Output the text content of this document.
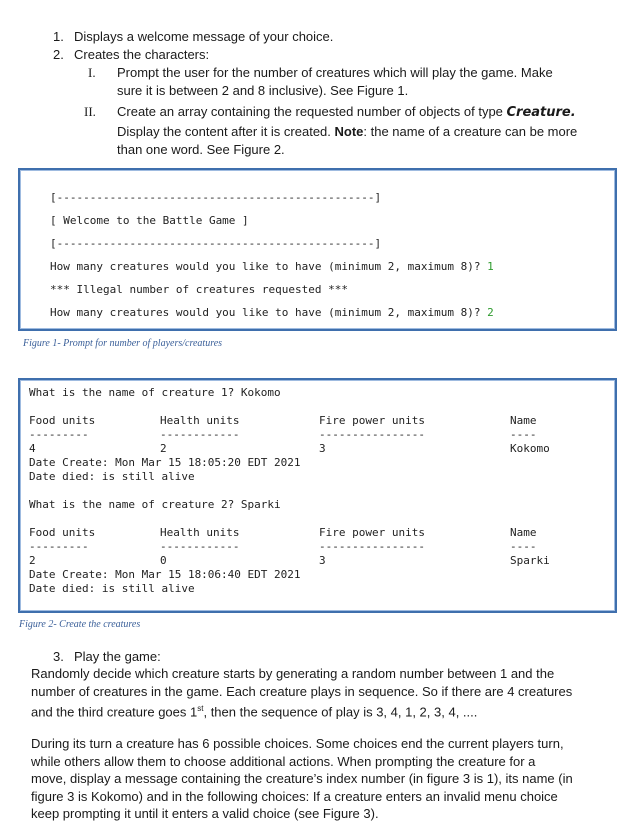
1. Displays a welcome message of your choice.
2. Creates the characters:
I. Prompt the user for the number of creatures which will play the game. Make
sure it is between 2 and 8 inclusive). See Figure 1.
II. Create an array containing the requested number of objects of type Creature.
Display the content after it is created. Note: the name of a creature can be more
than one word. See Figure 2.
[------------------------------------------------]
[ Welcome to the Battle Game ]
[------------------------------------------------]
How many creatures would you like to have (minimum 2, maximum 8)? 1
*** Illegal number of creatures requested ***
How many creatures would you like to have (minimum 2, maximum 8)? 2
Figure 1- Prompt for number of players/creatures
What is the name of creature 1? Kokomo
Food units	Health units	Fire power units	Name
---------	------------	----------------	----
4	2	3	Kokomo
Date Create: Mon Mar 15 18:05:20 EDT 2021
Date died: is still alive
What is the name of creature 2? Sparki
Food units	Health units	Fire power units	Name
---------	------------	----------------	----
2	0	3	Sparki
Date Create: Mon Mar 15 18:06:40 EDT 2021
Date died: is still alive
Figure 2- Create the creatures
3. Play the game:
Randomly decide which creature starts by generating a random number between 1 and the
number of creatures in the game. Each creature plays in sequence. So if there are 4 creatures
and the third creature goes 1st, then the sequence of play is 3, 4, 1, 2, 3, 4, ....
During its turn a creature has 6 possible choices. Some choices end the current players turn,
while others allow them to choose additional actions. When prompting the creature for a
move, display a message containing the creature’s index number (in figure 3 is 1), its name (in
figure 3 is Kokomo) and in the following choices: If a creature enters an invalid menu choice
keep prompting it until it enters a valid choice (see Figure 3).
